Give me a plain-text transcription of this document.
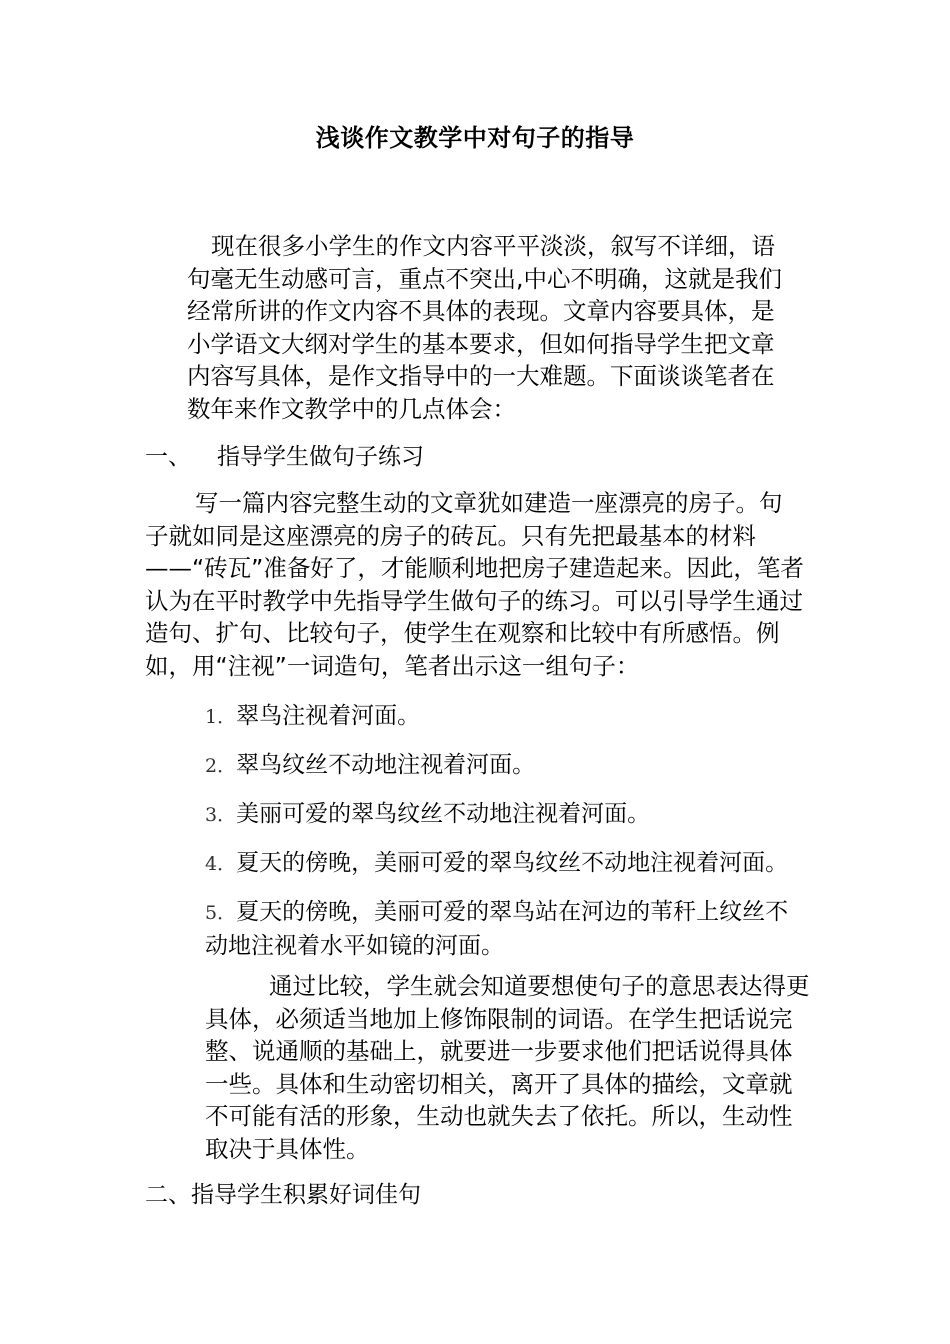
浅谈作文教学中对句子的指导

现在很多小学生的作文内容平平淡淡，叙写不详细，语句毫无生动感可言，重点不突出,中心不明确，这就是我们经常所讲的作文内容不具体的表现。文章内容要具体，是小学语文大纲对学生的基本要求，但如何指导学生把文章内容写具体，是作文指导中的一大难题。下面谈谈笔者在数年来作文教学中的几点体会：

一、 指导学生做句子练习

写一篇内容完整生动的文章犹如建造一座漂亮的房子。句子就如同是这座漂亮的房子的砖瓦。只有先把最基本的材料——“砖瓦”准备好了，才能顺利地把房子建造起来。因此，笔者认为在平时教学中先指导学生做句子的练习。可以引导学生通过造句、扩句、比较句子，使学生在观察和比较中有所感悟。例如，用“注视”一词造句，笔者出示这一组句子：

1．翠鸟注视着河面。
2．翠鸟纹丝不动地注视着河面。
3．美丽可爱的翠鸟纹丝不动地注视着河面。
4．夏天的傍晚，美丽可爱的翠鸟纹丝不动地注视着河面。
5．夏天的傍晚，美丽可爱的翠鸟站在河边的苇秆上纹丝不动地注视着水平如镜的河面。

通过比较，学生就会知道要想使句子的意思表达得更具体，必须适当地加上修饰限制的词语。在学生把话说完整、说通顺的基础上，就要进一步要求他们把话说得具体一些。具体和生动密切相关，离开了具体的描绘，文章就不可能有活的形象，生动也就失去了依托。所以，生动性取决于具体性。

二、指导学生积累好词佳句
